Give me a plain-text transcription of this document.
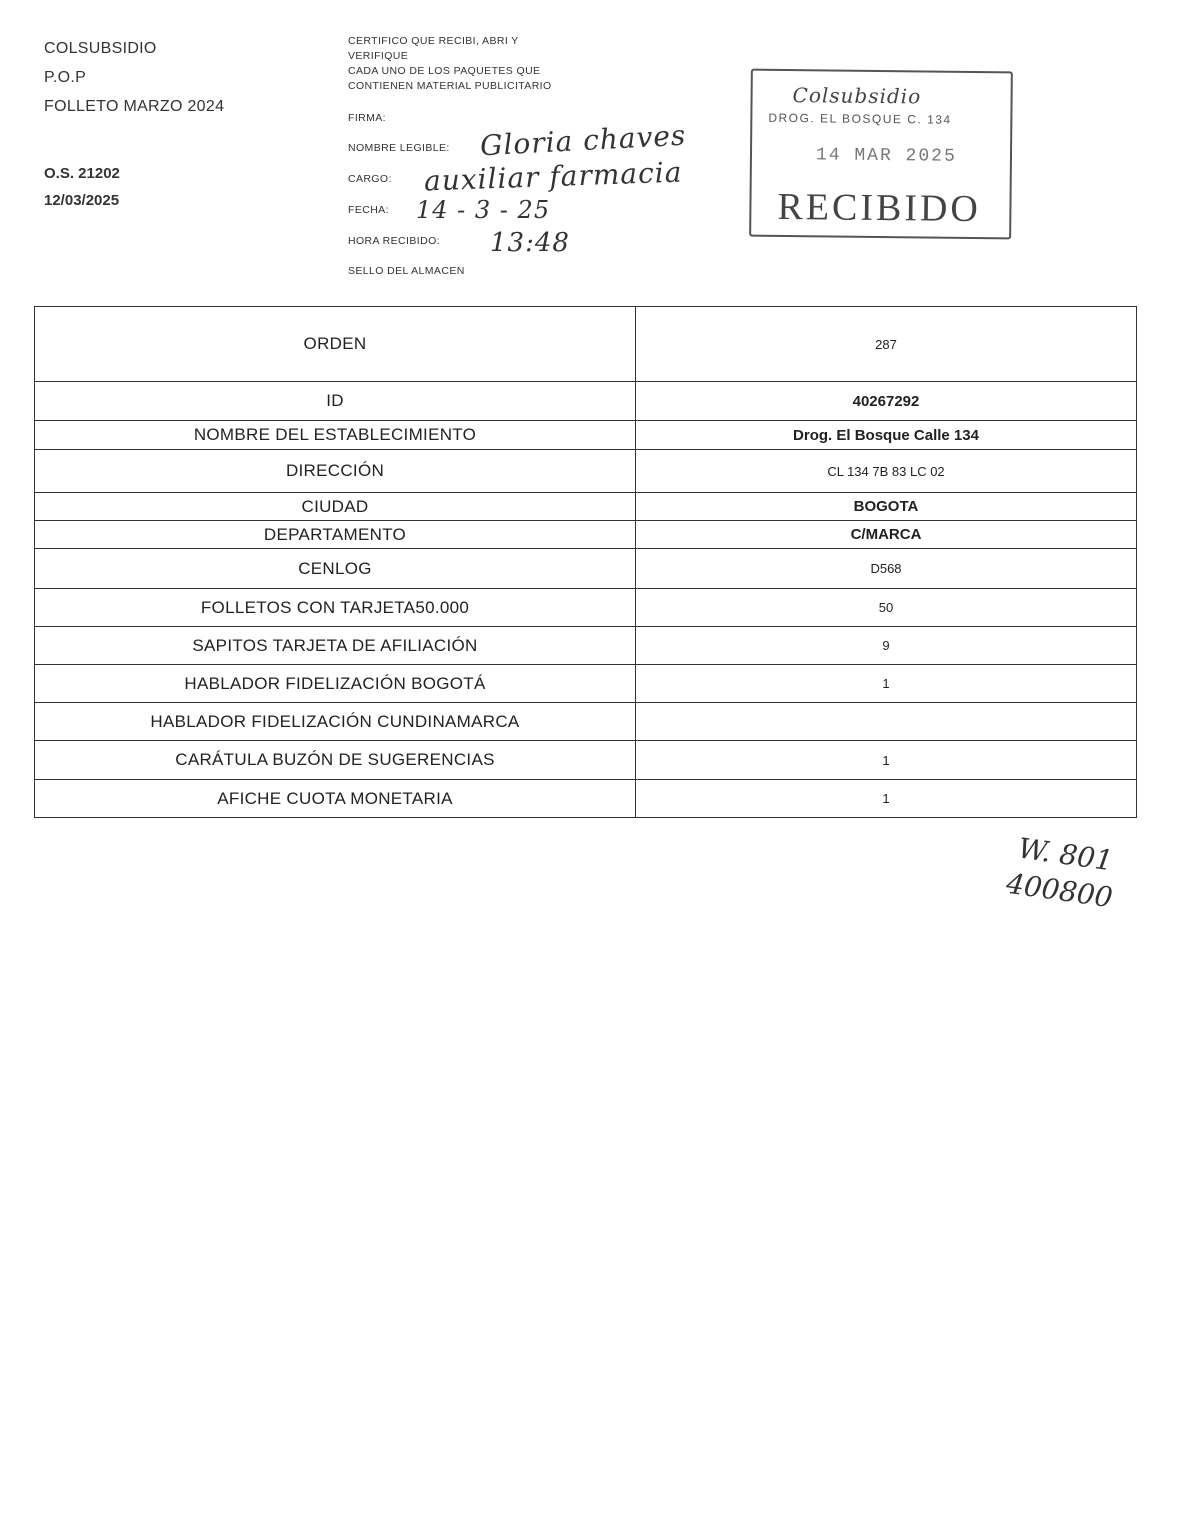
COLSUBSIDIO
P.O.P
FOLLETO MARZO 2024
O.S. 21202
12/03/2025
CERTIFICO QUE RECIBI, ABRI Y
VERIFIQUE
CADA UNO DE LOS PAQUETES QUE
CONTIENEN MATERIAL PUBLICITARIO
FIRMA:
NOMBRE LEGIBLE:
CARGO:
FECHA:
HORA RECIBIDO:
SELLO DEL ALMACEN
Gloria chaves
auxiliar farmacia
14 - 3 - 25
13:48
Colsubsidio
DROG. EL BOSQUE C. 134
14 MAR 2025
RECIBIDO
ORDEN	287
ID	40267292
NOMBRE DEL ESTABLECIMIENTO	Drog. El Bosque Calle 134
DIRECCIÓN	CL 134 7B 83 LC 02
CIUDAD	BOGOTA
DEPARTAMENTO	C/MARCA
CENLOG	D568
FOLLETOS CON TARJETA50.000	50
SAPITOS TARJETA DE AFILIACIÓN	9
HABLADOR FIDELIZACIÓN BOGOTÁ	1
HABLADOR FIDELIZACIÓN CUNDINAMARCA	
CARÁTULA BUZÓN DE SUGERENCIAS	1
AFICHE CUOTA MONETARIA	1
W. 801
400800
